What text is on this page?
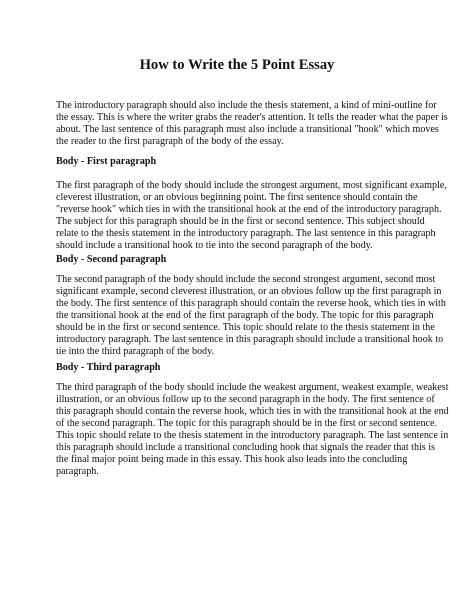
How to Write the 5 Point Essay
The introductory paragraph should also include the thesis statement, a kind of mini-outline for
the essay. This is where the writer grabs the reader's attention. It tells the reader what the paper is
about. The last sentence of this paragraph must also include a transitional "hook" which moves
the reader to the first paragraph of the body of the essay.
Body - First paragraph
The first paragraph of the body should include the strongest argument, most significant example,
cleverest illustration, or an obvious beginning point. The first sentence should contain the
"reverse hook" which ties in with the transitional hook at the end of the introductory paragraph.
The subject for this paragraph should be in the first or second sentence. This subject should
relate to the thesis statement in the introductory paragraph. The last sentence in this paragraph
should include a transitional hook to tie into the second paragraph of the body.
Body - Second paragraph
The second paragraph of the body should include the second strongest argument, second most
significant example, second cleverest illustration, or an obvious follow up the first paragraph in
the body. The first sentence of this paragraph should contain the reverse hook, which ties in with
the transitional hook at the end of the first paragraph of the body. The topic for this paragraph
should be in the first or second sentence. This topic should relate to the thesis statement in the
introductory paragraph. The last sentence in this paragraph should include a transitional hook to
tie into the third paragraph of the body.
Body - Third paragraph
The third paragraph of the body should include the weakest argument, weakest example, weakest
illustration, or an obvious follow up to the second paragraph in the body. The first sentence of
this paragraph should contain the reverse hook, which ties in with the transitional hook at the end
of the second paragraph. The topic for this paragraph should be in the first or second sentence.
This topic should relate to the thesis statement in the introductory paragraph. The last sentence in
this paragraph should include a transitional concluding hook that signals the reader that this is
the final major point being made in this essay. This hook also leads into the concluding
paragraph.
